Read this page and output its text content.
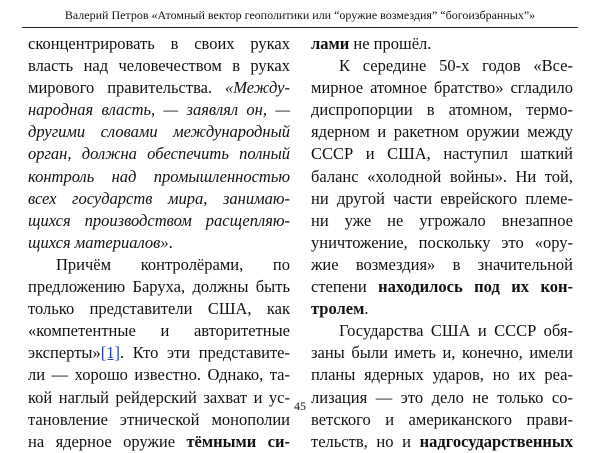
Валерий Петров «Атомный вектор геополитики или “оружие возмездия” “богоизбранных”»
сконцентрировать в своих руках
власть над человечеством в руках
мирового правительства. «Между-
народная власть, — заявлял он, —
другими словами международный
орган, должна обеспечить полный
контроль над промышленностью
всех государств мира, занимаю-
щихся производством расщепляю-
щихся материалов».
Причём контролёрами, по
предложению Баруха, должны быть
только представители США, как
«компетентные и авторитетные
эксперты»[1]. Кто эти представите-
ли — хорошо известно. Однако, та-
кой наглый рейдерский захват и ус-
тановление этнической монополии
на ядерное оружие тёмными си-
лами не прошёл.
К середине 50-х годов «Все-
мирное атомное братство» сгладило
диспропорции в атомном, термо-
ядерном и ракетном оружии между
СССР и США, наступил шаткий
баланс «холодной войны». Ни той,
ни другой части еврейского племе-
ни уже не угрожало внезапное
уничтожение, поскольку это «ору-
жие возмездия» в значительной
степени находилось под их кон-
тролем.
Государства США и СССР обя-
заны были иметь и, конечно, имели
планы ядерных ударов, но их реа-
лизация — это дело не только со-
ветского и американского прави-
тельств, но и надгосударственных
45
